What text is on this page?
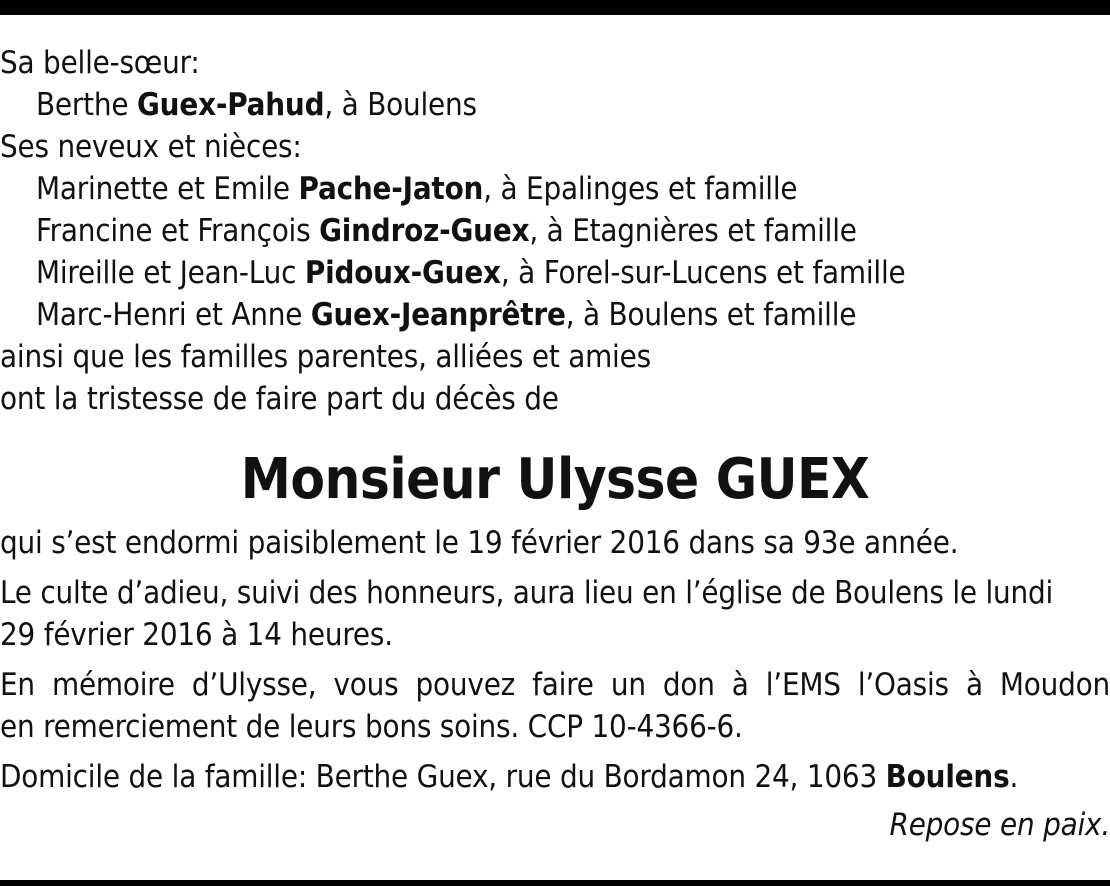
Sa belle-sœur:
Berthe Guex-Pahud, à Boulens
Ses neveux et nièces:
Marinette et Emile Pache-Jaton, à Epalinges et famille
Francine et François Gindroz-Guex, à Etagnières et famille
Mireille et Jean-Luc Pidoux-Guex, à Forel-sur-Lucens et famille
Marc-Henri et Anne Guex-Jeanprêtre, à Boulens et famille
ainsi que les familles parentes, alliées et amies
ont la tristesse de faire part du décès de
Monsieur Ulysse GUEX
qui s’est endormi paisiblement le 19 février 2016 dans sa 93e année.
Le culte d’adieu, suivi des honneurs, aura lieu en l’église de Boulens le lundi
29 février 2016 à 14 heures.
En mémoire d’Ulysse, vous pouvez faire un don à l’EMS l’Oasis à Moudon
en remerciement de leurs bons soins. CCP 10-4366-6.
Domicile de la famille: Berthe Guex, rue du Bordamon 24, 1063 Boulens.
Repose en paix.
